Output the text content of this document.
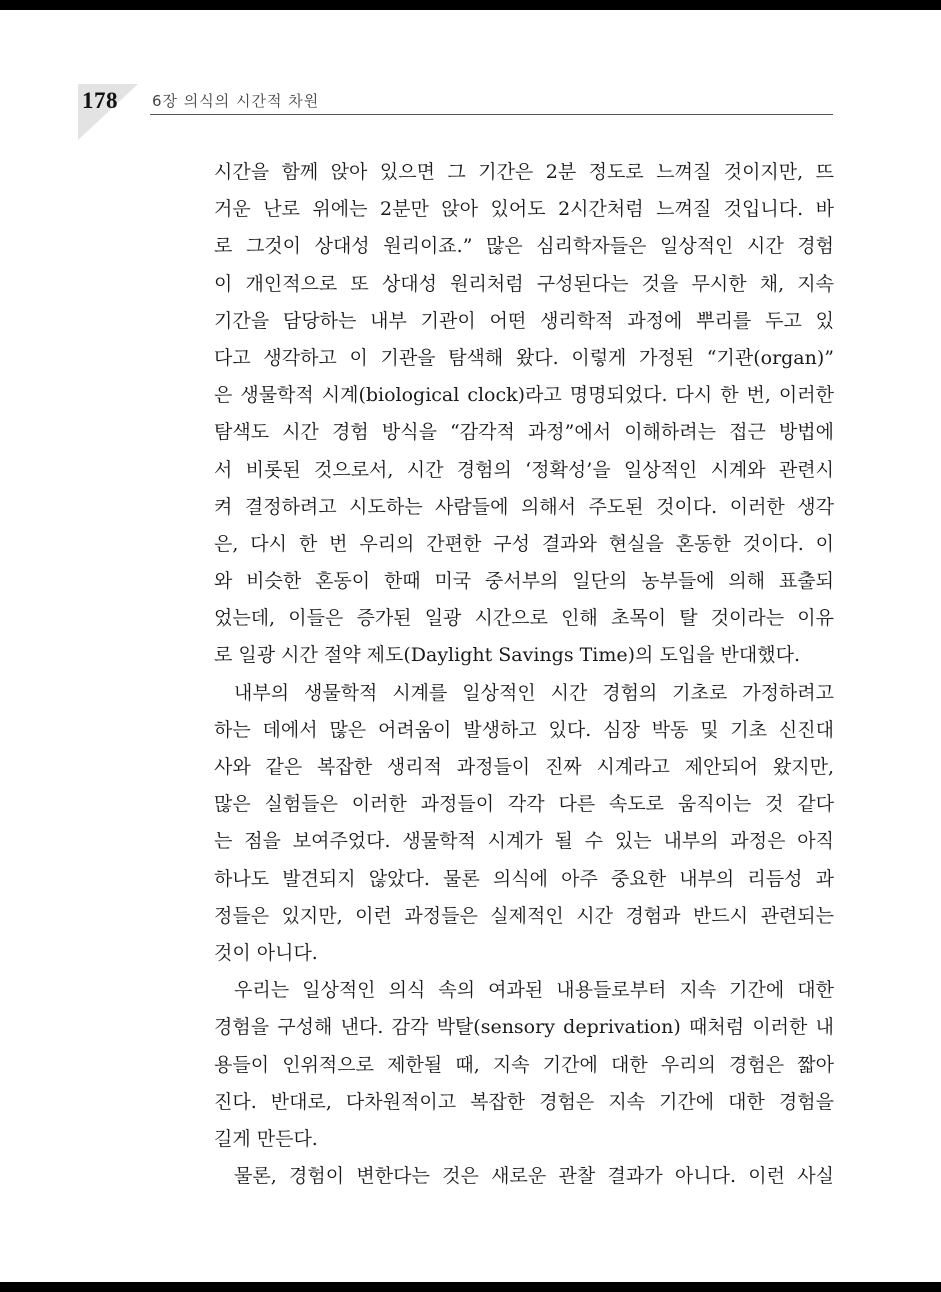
178 6장 의식의 시간적 차원
시간을 함께 앉아 있으면 그 기간은 2분 정도로 느껴질 것이지만, 뜨
거운 난로 위에는 2분만 앉아 있어도 2시간처럼 느껴질 것입니다. 바
로 그것이 상대성 원리이죠.” 많은 심리학자들은 일상적인 시간 경험
이 개인적으로 또 상대성 원리처럼 구성된다는 것을 무시한 채, 지속
기간을 담당하는 내부 기관이 어떤 생리학적 과정에 뿌리를 두고 있
다고 생각하고 이 기관을 탐색해 왔다. 이렇게 가정된 “기관(organ)”
은 생물학적 시계(biological clock)라고 명명되었다. 다시 한 번, 이러한
탐색도 시간 경험 방식을 “감각적 과정”에서 이해하려는 접근 방법에
서 비롯된 것으로서, 시간 경험의 ‘정확성’을 일상적인 시계와 관련시
켜 결정하려고 시도하는 사람들에 의해서 주도된 것이다. 이러한 생각
은, 다시 한 번 우리의 간편한 구성 결과와 현실을 혼동한 것이다. 이
와 비슷한 혼동이 한때 미국 중서부의 일단의 농부들에 의해 표출되
었는데, 이들은 증가된 일광 시간으로 인해 초목이 탈 것이라는 이유
로 일광 시간 절약 제도(Daylight Savings Time)의 도입을 반대했다.
내부의 생물학적 시계를 일상적인 시간 경험의 기초로 가정하려고
하는 데에서 많은 어려움이 발생하고 있다. 심장 박동 및 기초 신진대
사와 같은 복잡한 생리적 과정들이 진짜 시계라고 제안되어 왔지만,
많은 실험들은 이러한 과정들이 각각 다른 속도로 움직이는 것 같다
는 점을 보여주었다. 생물학적 시계가 될 수 있는 내부의 과정은 아직
하나도 발견되지 않았다. 물론 의식에 아주 중요한 내부의 리듬성 과
정들은 있지만, 이런 과정들은 실제적인 시간 경험과 반드시 관련되는
것이 아니다.
우리는 일상적인 의식 속의 여과된 내용들로부터 지속 기간에 대한
경험을 구성해 낸다. 감각 박탈(sensory deprivation) 때처럼 이러한 내
용들이 인위적으로 제한될 때, 지속 기간에 대한 우리의 경험은 짧아
진다. 반대로, 다차원적이고 복잡한 경험은 지속 기간에 대한 경험을
길게 만든다.
물론, 경험이 변한다는 것은 새로운 관찰 결과가 아니다. 이런 사실
